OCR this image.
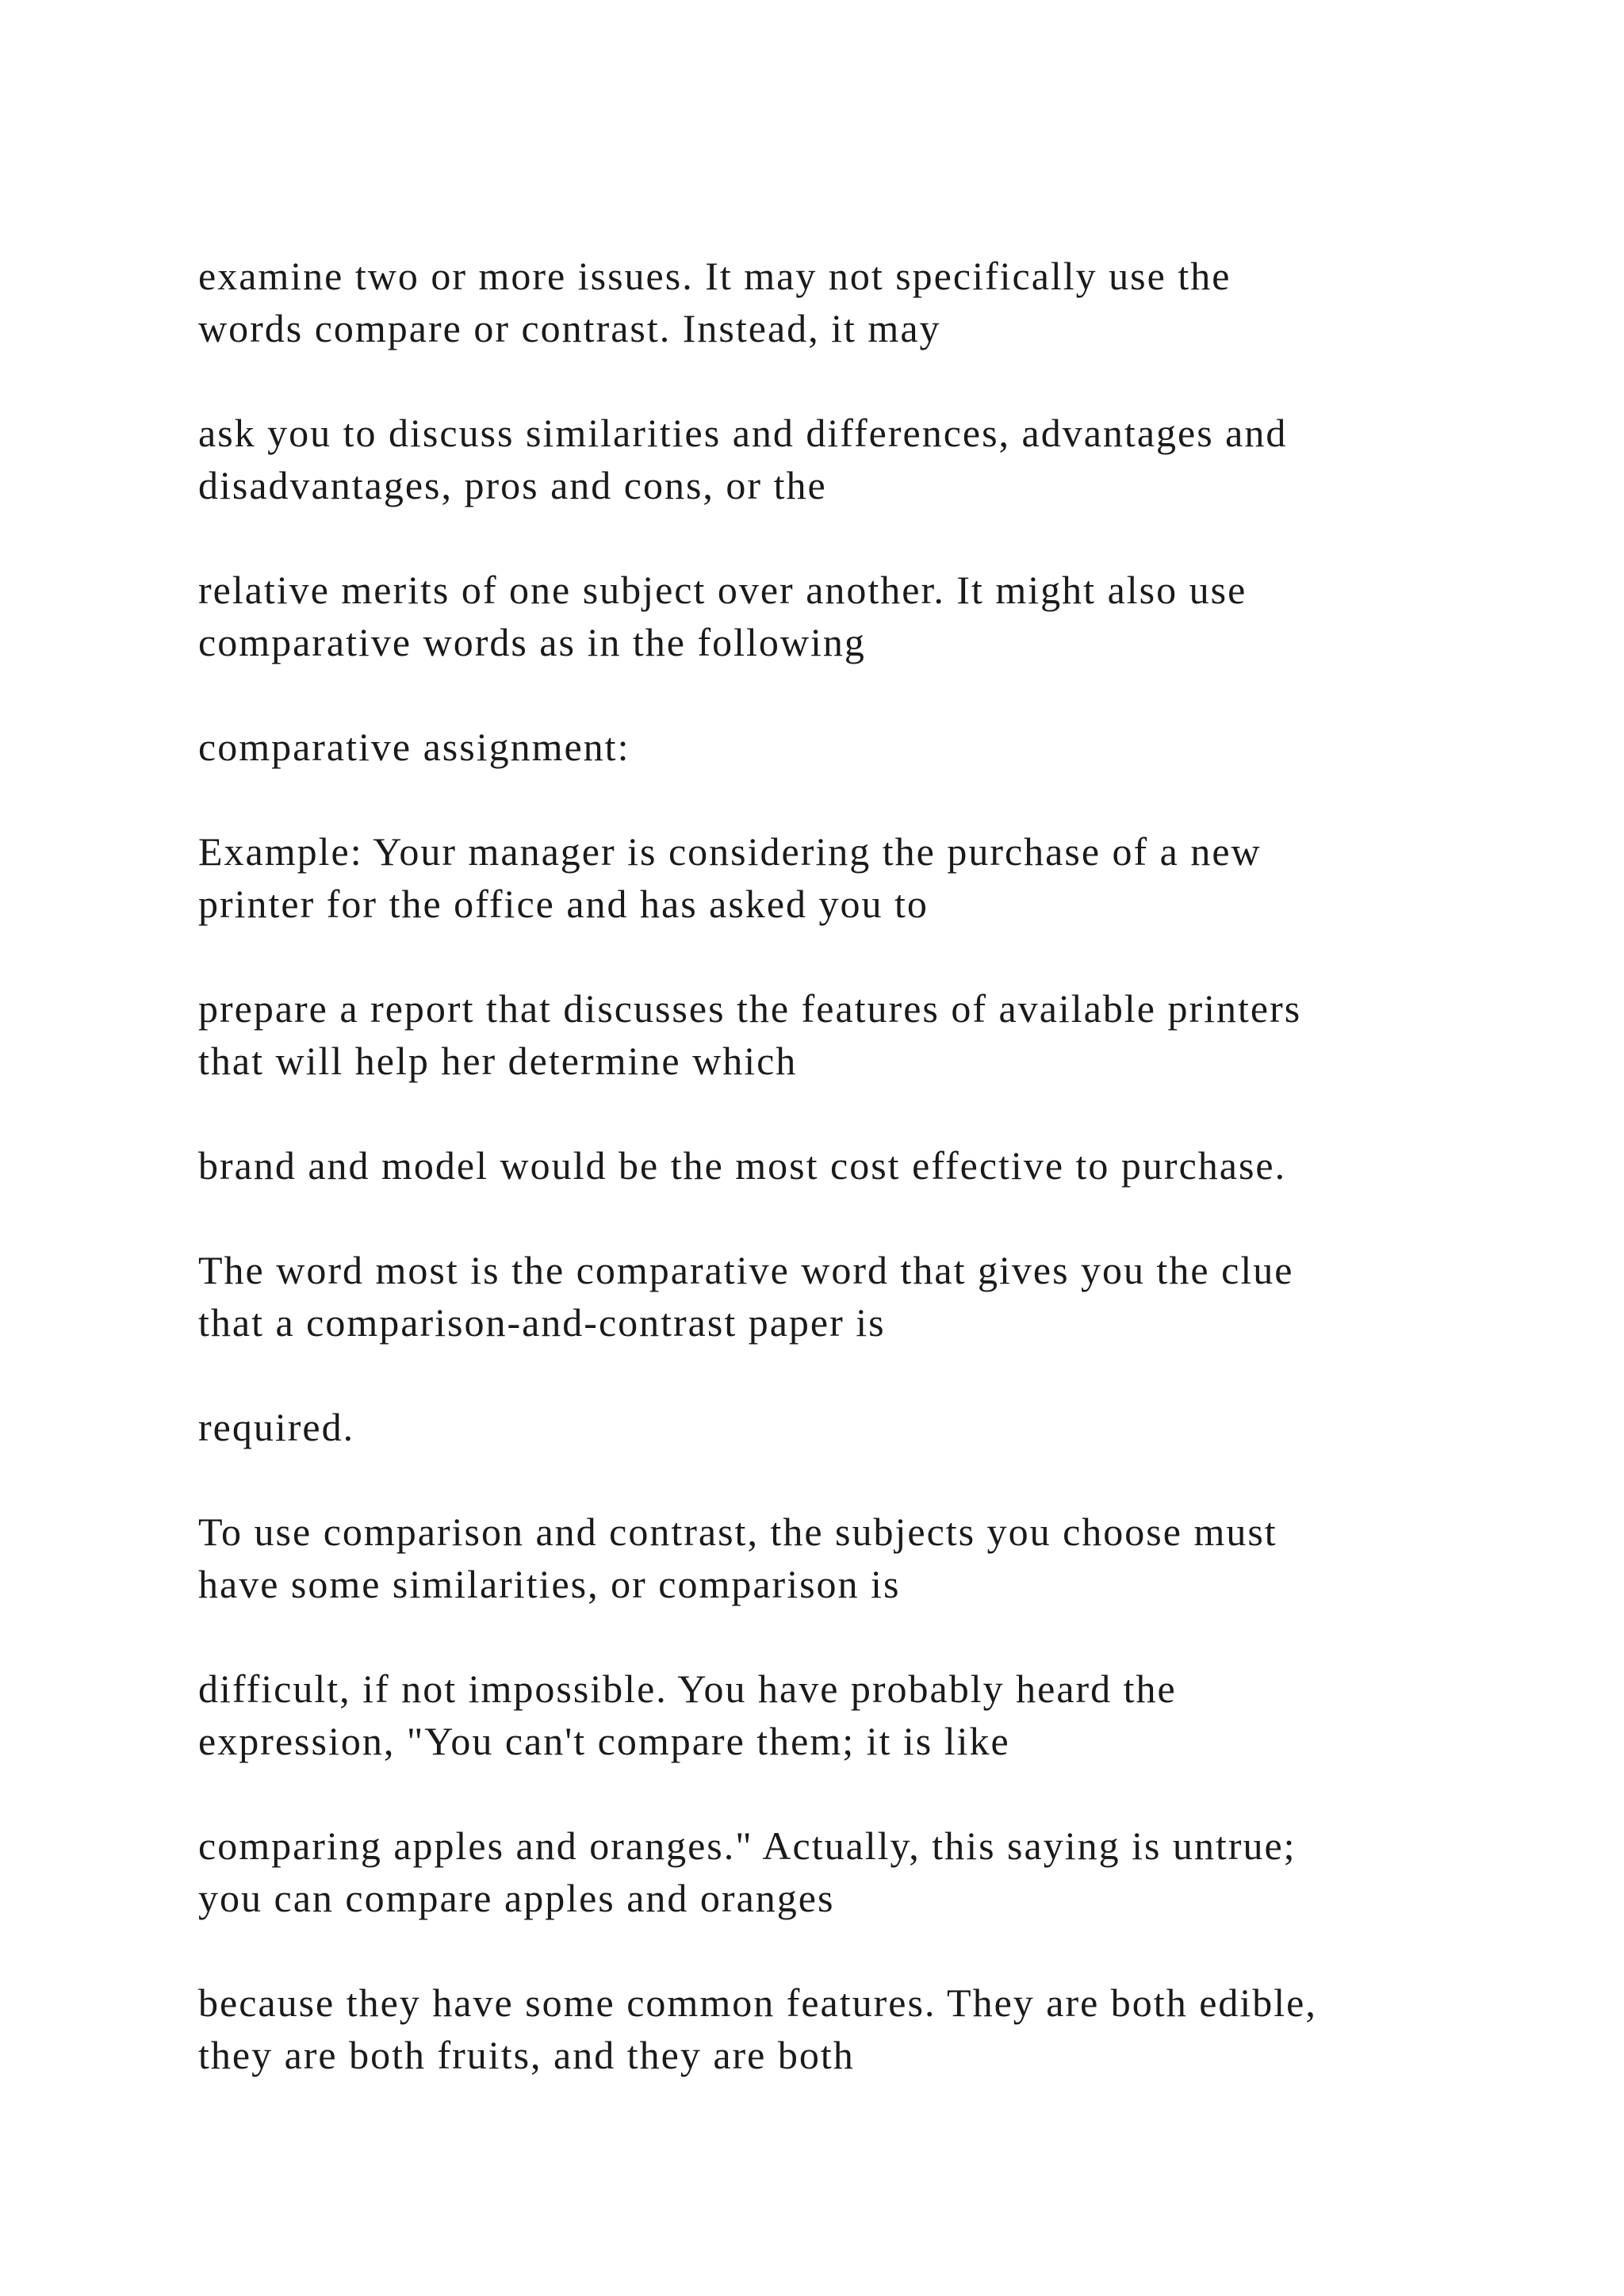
examine two or more issues. It may not specifically use the
words compare or contrast. Instead, it may

ask you to discuss similarities and differences, advantages and
disadvantages, pros and cons, or the

relative merits of one subject over another. It might also use
comparative words as in the following

comparative assignment:

Example: Your manager is considering the purchase of a new
printer for the office and has asked you to

prepare a report that discusses the features of available printers
that will help her determine which

brand and model would be the most cost effective to purchase.

The word most is the comparative word that gives you the clue
that a comparison-and-contrast paper is

required.

To use comparison and contrast, the subjects you choose must
have some similarities, or comparison is

difficult, if not impossible. You have probably heard the
expression, "You can't compare them; it is like

comparing apples and oranges." Actually, this saying is untrue;
you can compare apples and oranges

because they have some common features. They are both edible,
they are both fruits, and they are both
